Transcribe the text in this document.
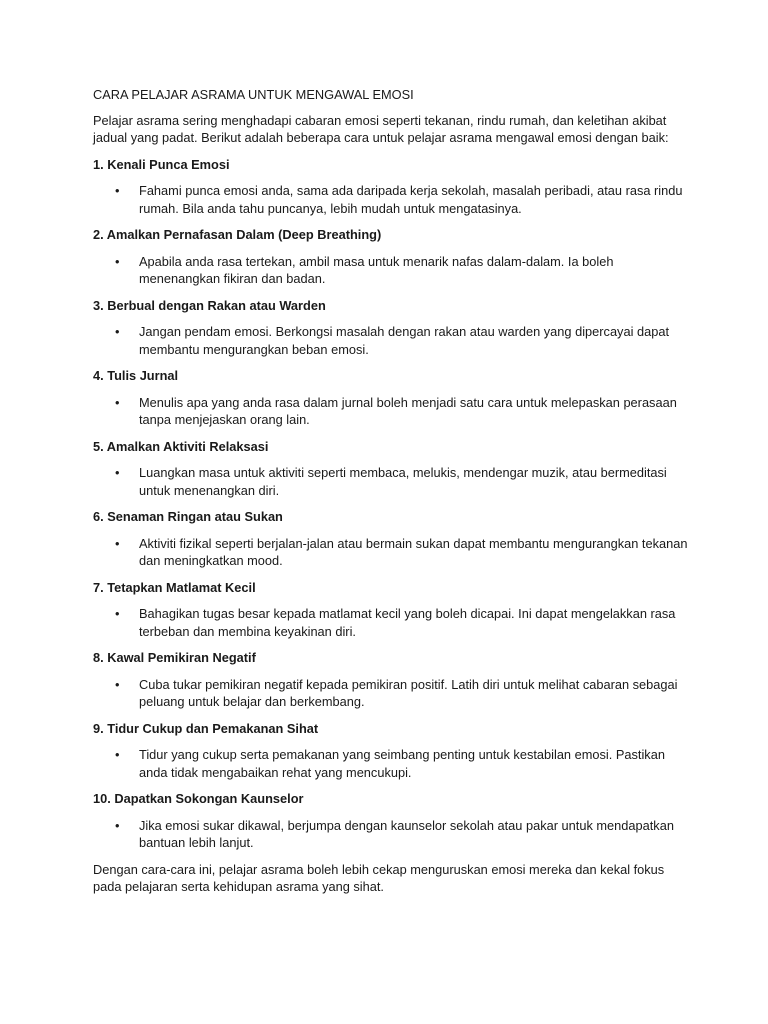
CARA PELAJAR ASRAMA UNTUK MENGAWAL EMOSI
Pelajar asrama sering menghadapi cabaran emosi seperti tekanan, rindu rumah, dan keletihan akibat jadual yang padat. Berikut adalah beberapa cara untuk pelajar asrama mengawal emosi dengan baik:
1. Kenali Punca Emosi
• Fahami punca emosi anda, sama ada daripada kerja sekolah, masalah peribadi, atau rasa rindu rumah. Bila anda tahu puncanya, lebih mudah untuk mengatasinya.
2. Amalkan Pernafasan Dalam (Deep Breathing)
• Apabila anda rasa tertekan, ambil masa untuk menarik nafas dalam-dalam. Ia boleh menenangkan fikiran dan badan.
3. Berbual dengan Rakan atau Warden
• Jangan pendam emosi. Berkongsi masalah dengan rakan atau warden yang dipercayai dapat membantu mengurangkan beban emosi.
4. Tulis Jurnal
• Menulis apa yang anda rasa dalam jurnal boleh menjadi satu cara untuk melepaskan perasaan tanpa menjejaskan orang lain.
5. Amalkan Aktiviti Relaksasi
• Luangkan masa untuk aktiviti seperti membaca, melukis, mendengar muzik, atau bermeditasi untuk menenangkan diri.
6. Senaman Ringan atau Sukan
• Aktiviti fizikal seperti berjalan-jalan atau bermain sukan dapat membantu mengurangkan tekanan dan meningkatkan mood.
7. Tetapkan Matlamat Kecil
• Bahagikan tugas besar kepada matlamat kecil yang boleh dicapai. Ini dapat mengelakkan rasa terbeban dan membina keyakinan diri.
8. Kawal Pemikiran Negatif
• Cuba tukar pemikiran negatif kepada pemikiran positif. Latih diri untuk melihat cabaran sebagai peluang untuk belajar dan berkembang.
9. Tidur Cukup dan Pemakanan Sihat
• Tidur yang cukup serta pemakanan yang seimbang penting untuk kestabilan emosi. Pastikan anda tidak mengabaikan rehat yang mencukupi.
10. Dapatkan Sokongan Kaunselor
• Jika emosi sukar dikawal, berjumpa dengan kaunselor sekolah atau pakar untuk mendapatkan bantuan lebih lanjut.
Dengan cara-cara ini, pelajar asrama boleh lebih cekap menguruskan emosi mereka dan kekal fokus pada pelajaran serta kehidupan asrama yang sihat.
